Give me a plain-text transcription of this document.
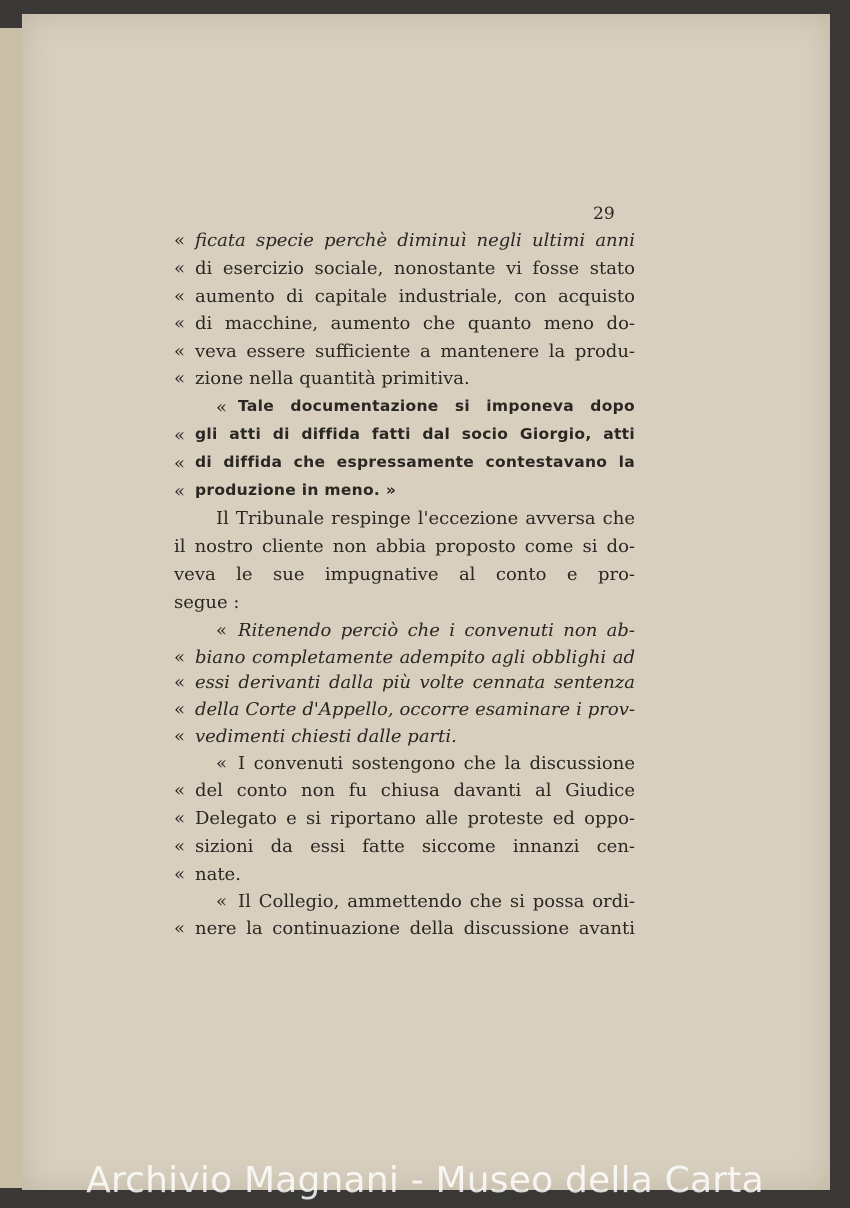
29
« ficata specie perchè diminuì negli ultimi anni
« di esercizio sociale, nonostante vi fosse stato
« aumento di capitale industriale, con acquisto
« di macchine, aumento che quanto meno do-
« veva essere sufficiente a mantenere la produ-
« zione nella quantità primitiva.
« Tale documentazione si imponeva dopo
« gli atti di diffida fatti dal socio Giorgio, atti
« di diffida che espressamente contestavano la
« produzione in meno. »
Il Tribunale respinge l'eccezione avversa che
il nostro cliente non abbia proposto come si do-
veva le sue impugnative al conto e pro-
segue :
« Ritenendo perciò che i convenuti non ab-
« biano completamente adempito agli obblighi ad
« essi derivanti dalla più volte cennata sentenza
« della Corte d'Appello, occorre esaminare i prov-
« vedimenti chiesti dalle parti.
« I convenuti sostengono che la discussione
« del conto non fu chiusa davanti al Giudice
« Delegato e si riportano alle proteste ed oppo-
« sizioni da essi fatte siccome innanzi cen-
« nate.
« Il Collegio, ammettendo che si possa ordi-
« nere la continuazione della discussione avanti
Archivio Magnani - Museo della Carta
